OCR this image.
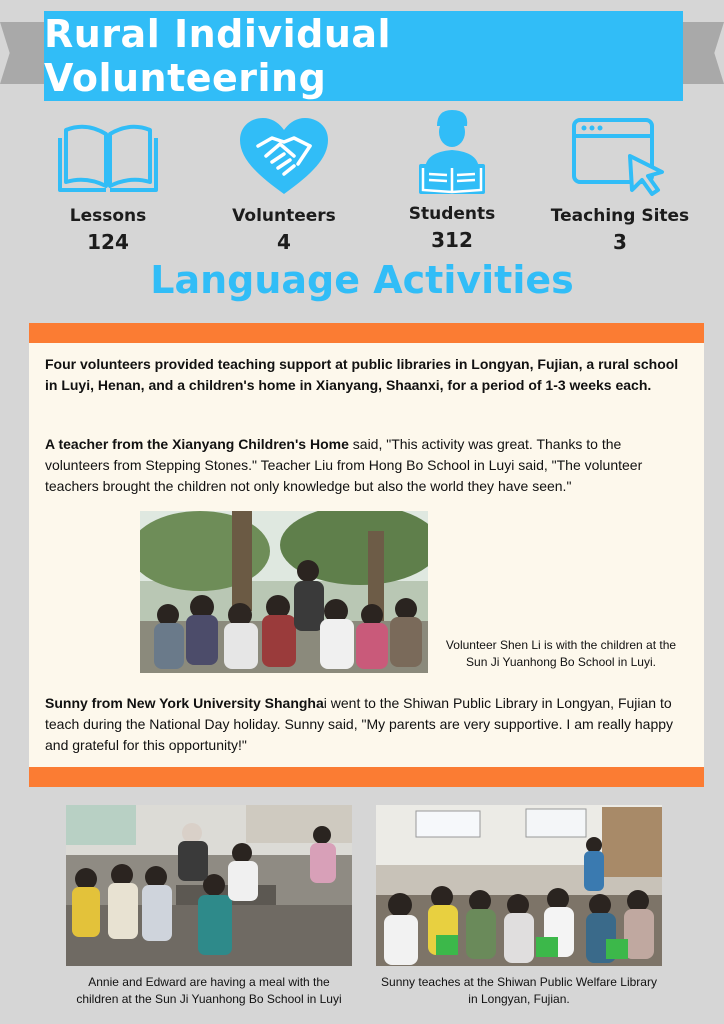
Rural Individual Volunteering
Lessons
124
Volunteers
4
Students
312
Teaching Sites
3
Language Activities
Four volunteers provided teaching support at public libraries in Longyan, Fujian, a rural school in Luyi, Henan, and a children's home in Xianyang, Shaanxi, for a period of 1-3 weeks each.
A teacher from the Xianyang Children's Home said, "This activity was great. Thanks to the volunteers from Stepping Stones." Teacher Liu from Hong Bo School in Luyi said, "The volunteer teachers brought the children not only knowledge but also the world they have seen."
Volunteer Shen Li is with the children at the Sun Ji Yuanhong Bo School in Luyi.
Sunny from New York University Shanghai went to the Shiwan Public Library in Longyan, Fujian to teach during the National Day holiday. Sunny said, "My parents are very supportive. I am really happy and grateful for this opportunity!"
Annie and Edward are having a meal with the children at the Sun Ji Yuanhong Bo School in Luyi
Sunny teaches at the Shiwan Public Welfare Library in Longyan, Fujian.
